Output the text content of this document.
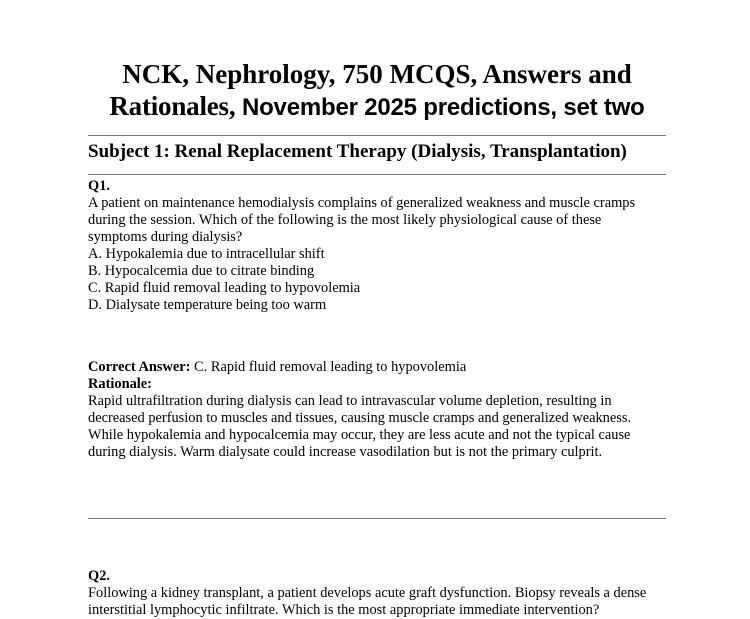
NCK, Nephrology, 750 MCQS, Answers and
Rationales, November 2025 predictions, set two
Subject 1: Renal Replacement Therapy (Dialysis, Transplantation)
Q1.
A patient on maintenance hemodialysis complains of generalized weakness and muscle cramps
during the session. Which of the following is the most likely physiological cause of these
symptoms during dialysis?
A. Hypokalemia due to intracellular shift
B. Hypocalcemia due to citrate binding
C. Rapid fluid removal leading to hypovolemia
D. Dialysate temperature being too warm
Correct Answer: C. Rapid fluid removal leading to hypovolemia
Rationale:
Rapid ultrafiltration during dialysis can lead to intravascular volume depletion, resulting in
decreased perfusion to muscles and tissues, causing muscle cramps and generalized weakness.
While hypokalemia and hypocalcemia may occur, they are less acute and not the typical cause
during dialysis. Warm dialysate could increase vasodilation but is not the primary culprit.
Q2.
Following a kidney transplant, a patient develops acute graft dysfunction. Biopsy reveals a dense
interstitial lymphocytic infiltrate. Which is the most appropriate immediate intervention?
